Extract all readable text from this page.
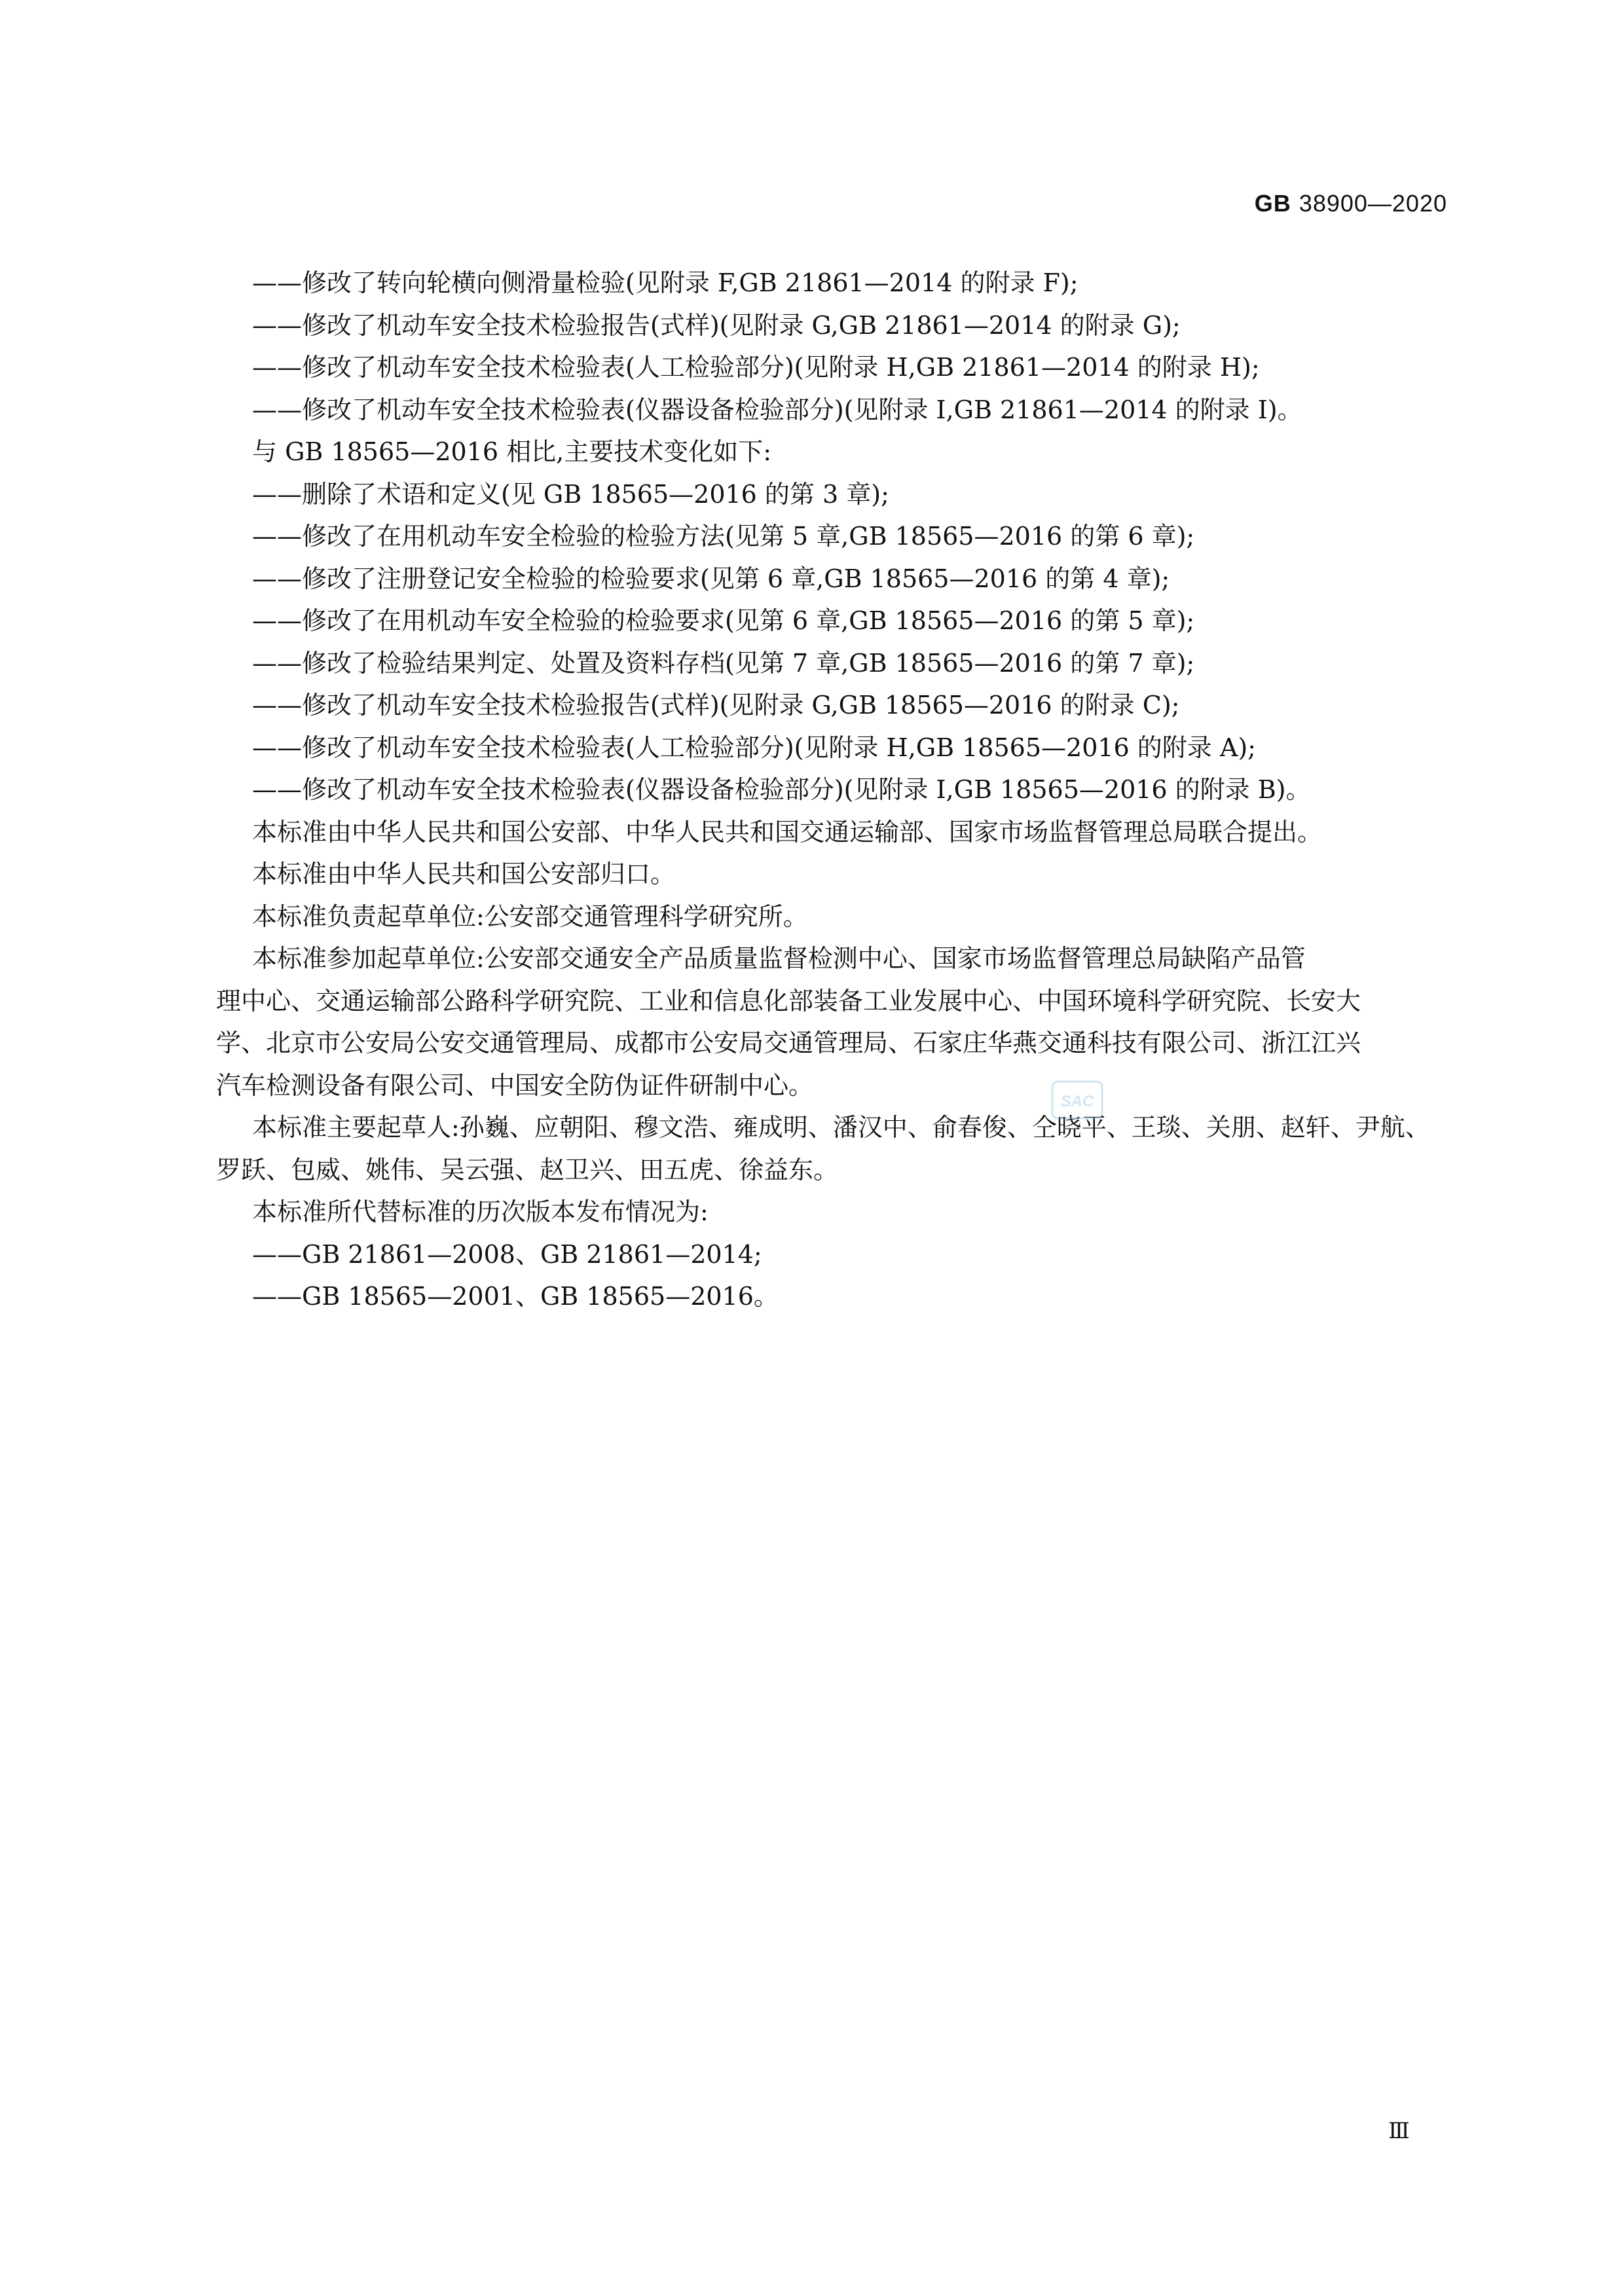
GB 38900—2020
——修改了转向轮横向侧滑量检验(见附录 F,GB 21861—2014 的附录 F);
——修改了机动车安全技术检验报告(式样)(见附录 G,GB 21861—2014 的附录 G);
——修改了机动车安全技术检验表(人工检验部分)(见附录 H,GB 21861—2014 的附录 H);
——修改了机动车安全技术检验表(仪器设备检验部分)(见附录 I,GB 21861—2014 的附录 I)。
与 GB 18565—2016 相比,主要技术变化如下:
——删除了术语和定义(见 GB 18565—2016 的第 3 章);
——修改了在用机动车安全检验的检验方法(见第 5 章,GB 18565—2016 的第 6 章);
——修改了注册登记安全检验的检验要求(见第 6 章,GB 18565—2016 的第 4 章);
——修改了在用机动车安全检验的检验要求(见第 6 章,GB 18565—2016 的第 5 章);
——修改了检验结果判定、处置及资料存档(见第 7 章,GB 18565—2016 的第 7 章);
——修改了机动车安全技术检验报告(式样)(见附录 G,GB 18565—2016 的附录 C);
——修改了机动车安全技术检验表(人工检验部分)(见附录 H,GB 18565—2016 的附录 A);
——修改了机动车安全技术检验表(仪器设备检验部分)(见附录 I,GB 18565—2016 的附录 B)。
本标准由中华人民共和国公安部、中华人民共和国交通运输部、国家市场监督管理总局联合提出。
本标准由中华人民共和国公安部归口。
本标准负责起草单位:公安部交通管理科学研究所。
本标准参加起草单位:公安部交通安全产品质量监督检测中心、国家市场监督管理总局缺陷产品管
理中心、交通运输部公路科学研究院、工业和信息化部装备工业发展中心、中国环境科学研究院、长安大
学、北京市公安局公安交通管理局、成都市公安局交通管理局、石家庄华燕交通科技有限公司、浙江江兴
汽车检测设备有限公司、中国安全防伪证件研制中心。
本标准主要起草人:孙巍、应朝阳、穆文浩、雍成明、潘汉中、俞春俊、仝晓平、王琰、关朋、赵轩、尹航、
罗跃、包威、姚伟、吴云强、赵卫兴、田五虎、徐益东。
本标准所代替标准的历次版本发布情况为:
——GB 21861—2008、GB 21861—2014;
——GB 18565—2001、GB 18565—2016。
SAC
Ⅲ
